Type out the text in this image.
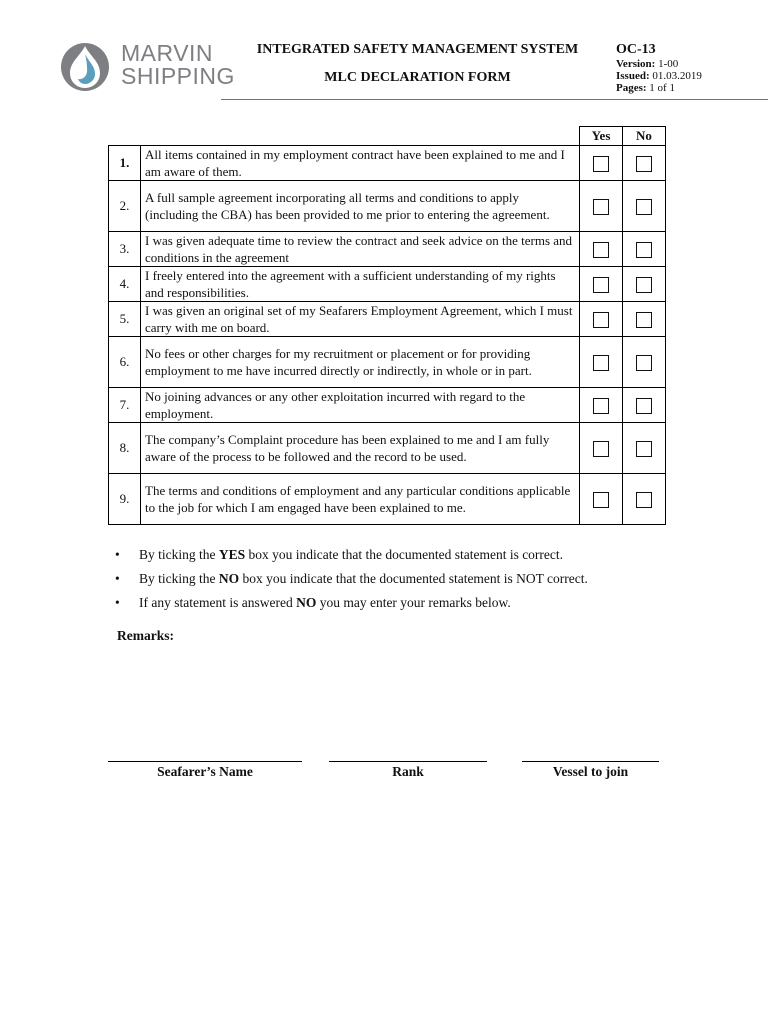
MARVIN
SHIPPING
INTEGRATED SAFETY MANAGEMENT SYSTEM
MLC DECLARATION FORM
OC-13
Version: 1-00
Issued: 01.03.2019
Pages: 1 of 1
		Yes	No
1.	All items contained in my employment contract have been explained to me and I am aware of them.		
2.	A full sample agreement incorporating all terms and conditions to apply (including the CBA) has been provided to me prior to entering the agreement.		
3.	I was given adequate time to review the contract and seek advice on the terms and conditions in the agreement		
4.	I freely entered into the agreement with a sufficient understanding of my rights and responsibilities.		
5.	I was given an original set of my Seafarers Employment Agreement, which I must carry with me on board.		
6.	No fees or other charges for my recruitment or placement or for providing employment to me have incurred directly or indirectly, in whole or in part.		
7.	No joining advances or any other exploitation incurred with regard to the employment.		
8.	The company’s Complaint procedure has been explained to me and I am fully aware of the process to be followed and the record to be used.		
9.	The terms and conditions of employment and any particular conditions applicable to the job for which I am engaged have been explained to me.		
• By ticking the YES box you indicate that the documented statement is correct.
• By ticking the NO box you indicate that the documented statement is NOT correct.
• If any statement is answered NO you may enter your remarks below.
Remarks:
Seafarer’s Name	Rank	Vessel to join
